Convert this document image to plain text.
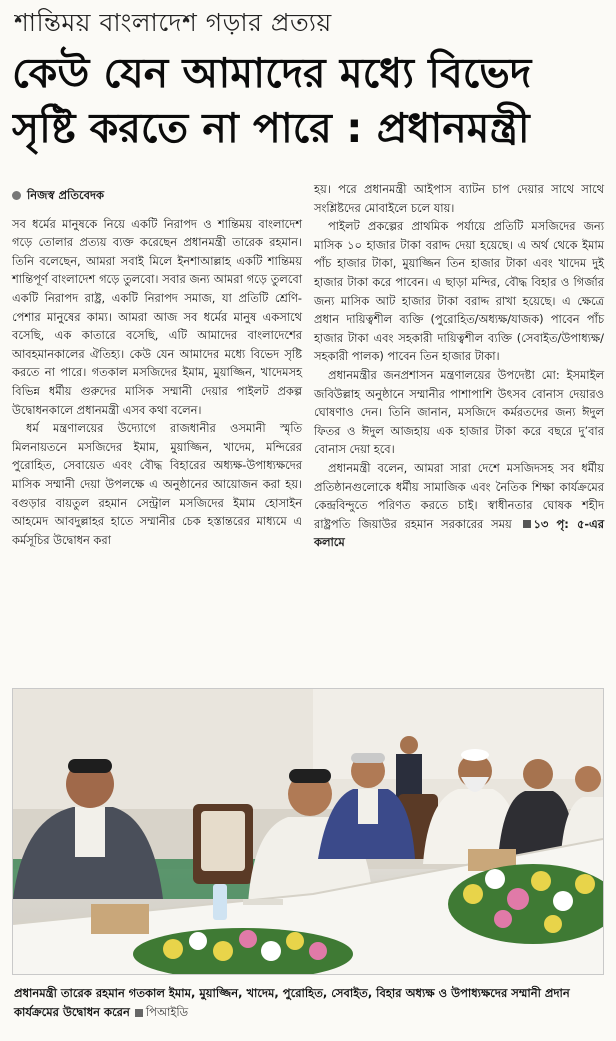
শান্তিময় বাংলাদেশ গড়ার প্রত্যয়
কেউ যেন আমাদের মধ্যে বিভেদ
সৃষ্টি করতে না পারে : প্রধানমন্ত্রী
নিজস্ব প্রতিবেদক

সব ধর্মের মানুষকে নিয়ে একটি নিরাপদ ও শান্তিময় বাংলাদেশ গড়ে তোলার প্রত্যয় ব্যক্ত করেছেন প্রধানমন্ত্রী তারেক রহমান। তিনি বলেছেন, আমরা সবাই মিলে ইনশাআল্লাহ একটি শান্তিময় শান্তিপূর্ণ বাংলাদেশ গড়ে তুলবো। সবার জন্য আমরা গড়ে তুলবো একটি নিরাপদ রাষ্ট্র, একটি নিরাপদ সমাজ, যা প্রতিটি শ্রেণি-পেশার মানুষের কাম্য। আমরা আজ সব ধর্মের মানুষ একসাথে বসেছি, এক কাতারে বসেছি, এটি আমাদের বাংলাদেশের আবহমানকালের ঐতিহ্য। কেউ যেন আমাদের মধ্যে বিভেদ সৃষ্টি করতে না পারে। গতকাল মসজিদের ইমাম, মুয়াজ্জিন, খাদেমসহ বিভিন্ন ধর্মীয় গুরুদের মাসিক সম্মানী দেয়ার পাইলট প্রকল্প উদ্বোধনকালে প্রধানমন্ত্রী এসব কথা বলেন।

ধর্ম মন্ত্রণালয়ের উদ্যোগে রাজধানীর ওসমানী স্মৃতি মিলনায়তনে মসজিদের ইমাম, মুয়াজ্জিন, খাদেম, মন্দিরের পুরোহিত, সেবায়েত এবং বৌদ্ধ বিহারের অধ্যক্ষ-উপাধ্যক্ষদের মাসিক সম্মানী দেয়া উপলক্ষে এ অনুষ্ঠানের আয়োজন করা হয়। বগুড়ার বায়তুল রহমান সেন্ট্রাল মসজিদের ইমাম হোসাইন আহমেদ আবদুল্লাহর হাতে সম্মানীর চেক হস্তান্তরের মাধ্যমে এ কর্মসূচির উদ্বোধন করা

হয়। পরে প্রধানমন্ত্রী আইপাস ব্যাটন চাপ দেয়ার সাথে সাথে সংশ্লিষ্টদের মোবাইলে চলে যায়।

পাইলট প্রকল্পের প্রাথমিক পর্যায়ে প্রতিটি মসজিদের জন্য মাসিক ১০ হাজার টাকা বরাদ্দ দেয়া হয়েছে। এ অর্থ থেকে ইমাম পাঁচ হাজার টাকা, মুয়াজ্জিন তিন হাজার টাকা এবং খাদেম দুই হাজার টাকা করে পাবেন। এ ছাড়া মন্দির, বৌদ্ধ বিহার ও গির্জার জন্য মাসিক আট হাজার টাকা বরাদ্দ রাখা হয়েছে। এ ক্ষেত্রে প্রধান দায়িত্বশীল ব্যক্তি (পুরোহিত/অধ্যক্ষ/যাজক) পাবেন পাঁচ হাজার টাকা এবং সহকারী দায়িত্বশীল ব্যক্তি (সেবাইত/উপাধ্যক্ষ/সহকারী পালক) পাবেন তিন হাজার টাকা।

প্রধানমন্ত্রীর জনপ্রশাসন মন্ত্রণালয়ের উপদেষ্টা মো: ইসমাইল জবিউল্লাহ অনুষ্ঠানে সম্মানীর পাশাপাশি উৎসব বোনাস দেয়ারও ঘোষণাও দেন। তিনি জানান, মসজিদে কর্মরতদের জন্য ঈদুল ফিতর ও ঈদুল আজহায় এক হাজার টাকা করে বছরে দু’বার বোনাস দেয়া হবে।

প্রধানমন্ত্রী বলেন, আমরা সারা দেশে মসজিদসহ সব ধর্মীয় প্রতিষ্ঠানগুলোকে ধর্মীয় সামাজিক এবং নৈতিক শিক্ষা কার্যক্রমের কেন্দ্রবিন্দুতে পরিণত করতে চাই। স্বাধীনতার ঘোষক শহীদ রাষ্ট্রপতি জিয়াউর রহমান সরকারের সময় ১৩ পৃ: ৫-এর কলামে

প্রধানমন্ত্রী তারেক রহমান গতকাল ইমাম, মুয়াজ্জিন, খাদেম, পুরোহিত, সেবাইত, বিহার অধ্যক্ষ ও উপাধ্যক্ষদের সম্মানী প্রদান কার্যক্রমের উদ্বোধন করেন পিআইডি
